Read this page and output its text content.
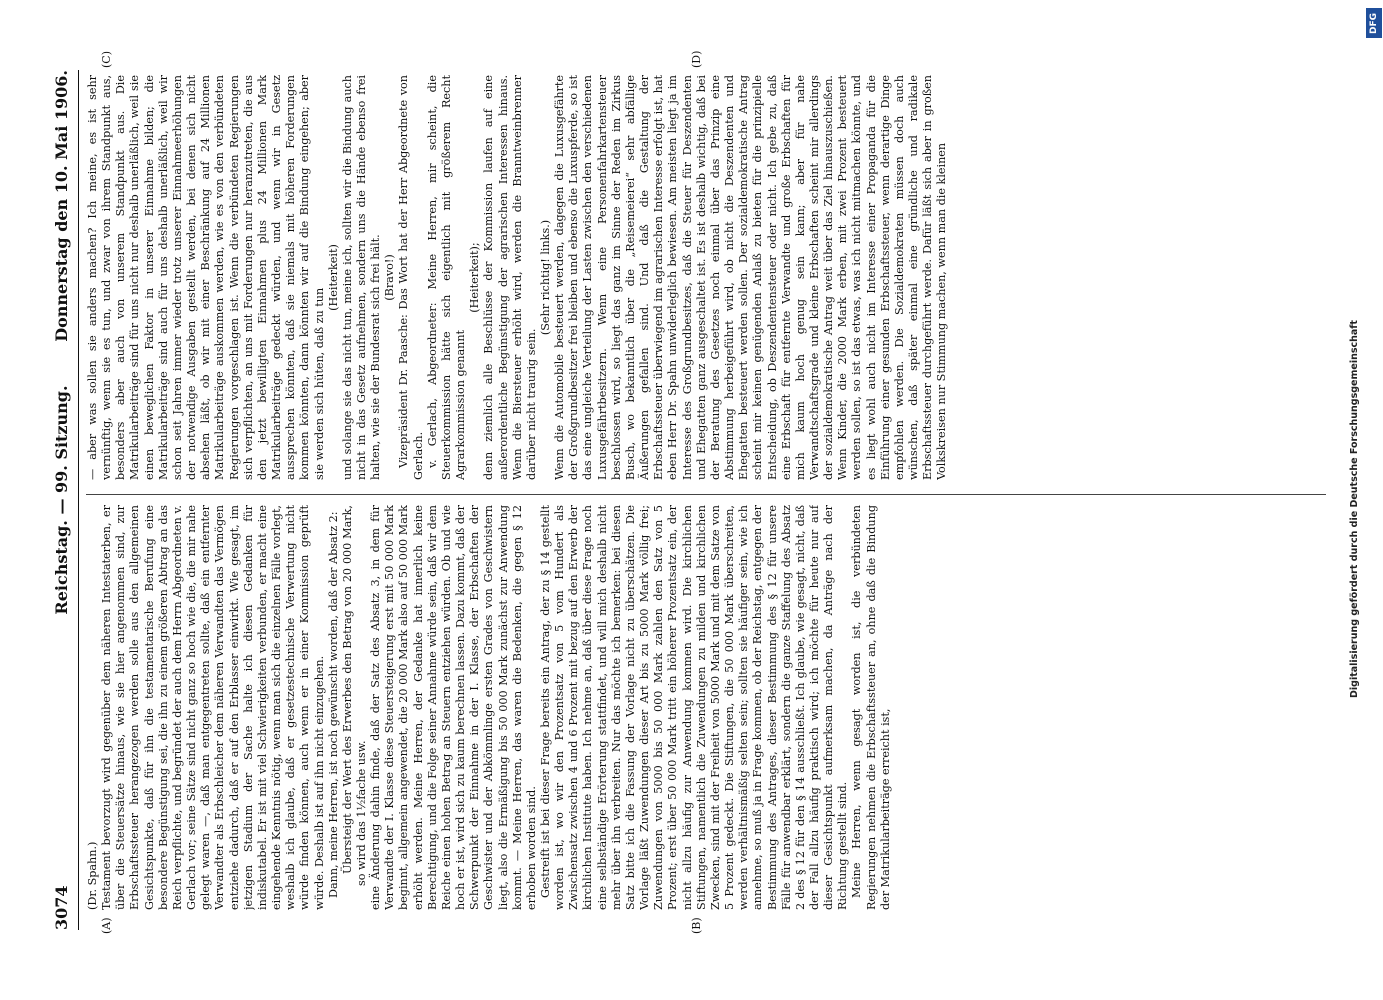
3074
Reichstag. — 99. Sitzung.
Donnerstag den 10. Mai 1906.
(A)	(B)
(C)	(D)

(Dr. Spahn.) Testament bevorzugt wird gegenüber dem näheren Intestaterben, er über die Steuersätze hinaus, wie sie hier angenommen sind, zur Erbschaftssteuer herangezogen werden solle aus den allgemeinen Gesichtspunkte, daß für ihn die testamentarische Berufung eine besondere Begünstigung sei, die ihn zu einem größeren Abtrag an das Reich verpflichte, und begründet der auch dem Herrn Abgeordneten v. Gerlach vor; seine Sätze sind nicht ganz so hoch wie die, die mir nahe gelegt waren —, daß man entgegentreten sollte, daß ein entfernter Verwandter als Erbschleicher dem näheren Verwandten das Vermögen entziehe dadurch, daß er auf den Erblasser einwirkt. Wie gesagt, im jetzigen Stadium der Sache halte ich diesen Gedanken für indiskutabel. Er ist mit viel Schwierigkeiten verbunden, er macht eine eingehende Kenntnis nötig, wenn man sich die einzelnen Fälle vorlegt, weshalb ich glaube, daß er gesetzestechnische Verwertung nicht würde finden können, auch wenn er in einer Kommission geprüft würde. Deshalb ist auf ihn nicht einzugehen. Dann, meine Herren, ist noch gewünscht worden, daß der Absatz 2: Übersteigt der Wert des Erwerbes den Betrag von 20 000 Mark, so wird das 1½fache usw. eine Änderung dahin finde, daß der Satz des Absatz 3, in dem für Verwandte der I. Klasse diese Steuersteigerung erst mit 50 000 Mark beginnt, allgemein angewendet, die 20 000 Mark also auf 50 000 Mark erhöht werden. Meine Herren, der Gedanke hat innerlich keine Berechtigung, und die Folge seiner Annahme würde sein, daß wir dem Reiche einen hohen Betrag an Steuern entziehen würden. Ob und wie hoch er ist, wird sich zu kaum berechnen lassen. Dazu kommt, daß der Schwerpunkt der Einnahme in der I. Klasse, der Erbschaften der Geschwister und der Abkömmlinge ersten Grades von Geschwistern liegt, also die Ermäßigung bis 50 000 Mark zunächst zur Anwendung kommt. — Meine Herren, das waren die Bedenken, die gegen § 12 erhoben worden sind. Gestreift ist bei dieser Frage bereits ein Antrag, der zu § 14 gestellt worden ist, wo wir den Prozentsatz von 5 vom Hundert als Zwischensatz zwischen 4 und 6 Prozent mit bezug auf den Erwerb der kirchlichen Institute haben. Ich nehme an, daß über diese Frage noch eine selbständige Erörterung stattfindet, und will mich deshalb nicht mehr über ihn verbreiten. Nur das möchte ich bemerken: bei diesen Satz bitte ich die Fassung der Vorlage nicht zu überschätzen. Die Vorlage läßt Zuwendungen dieser Art bis zu 5000 Mark völlig frei; Zuwendungen von 5000 bis 50 000 Mark zahlen den Satz von 5 Prozent; erst über 50 000 Mark tritt ein höherer Prozentsatz ein, der nicht allzu häufig zur Anwendung kommen wird. Die kirchlichen Stiftungen, namentlich die Zuwendungen zu milden und kirchlichen Zwecken, sind mit der Freiheit von 5000 Mark und mit dem Satze von 5 Prozent gedeckt. Die Stiftungen, die 50 000 Mark überschreiten, werden verhältnismäßig selten sein; sollten sie häufiger sein, wie ich annehme, so muß ja in Frage kommen, ob der Reichstag, entgegen der Bestimmung des Antrages, dieser Bestimmung des § 12 für unsere Fälle für anwendbar erklärt, sondern die ganze Staffelung des Absatz 2 des § 12 für den § 14 ausschließt. Ich glaube, wie gesagt, nicht, daß der Fall allzu häufig praktisch wird; ich möchte für heute nur auf dieser Gesichtspunkt aufmerksam machen, da Anträge nach der Richtung gestellt sind. Meine Herren, wenn gesagt worden ist, die verbündeten Regierungen nehmen die Erbschaftssteuer an, ohne daß die Bindung der Matrikularbeiträge erreicht ist,

— aber was sollen sie anders machen? Ich meine, es ist sehr vernünftig, wenn sie es tun, und zwar von ihrem Standpunkt aus, besonders aber auch von unserem Standpunkt aus. Die Matrikularbeiträge sind für uns nicht nur deshalb unerläßlich, weil sie einen beweglichen Faktor in unserer Einnahme bilden; die Matrikularbeiträge sind auch für uns deshalb unerläßlich, weil wir schon seit Jahren immer wieder trotz unserer Einnahmeerhöhungen der notwendige Ausgaben gestellt werden, bei denen sich nicht absehen läßt, ob wir mit einer Beschränkung auf 24 Millionen Matrikularbeiträge auskommen werden, wie es von den verbündeten Regierungen vorgeschlagen ist. Wenn die verbündeten Regierungen sich verpflichten, an uns mit Forderungen nur heranzutreten, die aus den jetzt bewilligten Einnahmen plus 24 Millionen Mark Matrikularbeiträge gedeckt würden, und wenn wir in Gesetz aussprechen könnten, daß sie niemals mit höheren Forderungen kommen könnten, dann könnten wir auf die Bindung eingehen; aber sie werden sich hüten, daß zu tun

(Heiterkeit) und solange sie das nicht tun, meine ich, sollten wir die Bindung auch nicht in das Gesetz aufnehmen, sondern uns die Hände ebenso frei halten, wie sie der Bundesrat sich frei hält. (Bravo!) Vizepräsident Dr. Paasche: Das Wort hat der Herr Abgeordnete von Gerlach. v. Gerlach, Abgeordneter: Meine Herren, mir scheint, die Steuerkommission hätte sich eigentlich mit größerem Recht Agrarkommission genannt

(Heiterkeit); denn ziemlich alle Beschlüsse der Kommission laufen auf eine außerordentliche Begünstigung der agrarischen Interessen hinaus. Wenn die Biersteuer erhöht wird, werden die Branntweinbrenner darüber nicht traurig sein.

(Sehr richtig! links.) Wenn die Automobile besteuert werden, dagegen die Luxusgefährte der Großgrundbesitzer frei bleiben und ebenso die Luxuspferde, so ist das eine ungleiche Verteilung der Lasten zwischen den verschiedenen Luxusgefährtbesitzern. Wenn eine Personenfahrkartensteuer beschlossen wird, so liegt das ganz im Sinne der Reden im Zirkus Busch, wo bekanntlich über die „Reisemeierei“ sehr abfällige Äußerungen gefallen sind. Und daß die Gestaltung der Erbschaftssteuer überwiegend im agrarischen Interesse erfolgt ist, hat eben Herr Dr. Spahn unwiderleglich bewiesen. Am meisten liegt ja im Interesse des Großgrundbesitzes, daß die Steuer für Deszendenten und Ehegatten ganz ausgeschaltet ist. Es ist deshalb wichtig, daß bei der Beratung des Gesetzes noch einmal über das Prinzip eine Abstimmung herbeigeführt wird, ob nicht die Deszendenten und Ehegatten besteuert werden sollen. Der sozialdemokratische Antrag scheint mir keinen genügenden Anlaß zu bieten für die prinzipielle Entscheidung, ob Deszendentensteuer oder nicht. Ich gebe zu, daß eine Erbschaft für entfernte Verwandte und große Erbschaften für mich kaum hoch genug sein kann; aber für nahe Verwandtschaftsgrade und kleine Erbschaften scheint mir allerdings der sozialdemokratische Antrag weit über das Ziel hinauszuschießen. Wenn Kinder, die 2000 Mark erben, mit zwei Prozent besteuert werden sollen, so ist das etwas, was ich nicht mitmachen könnte, und es liegt wohl auch nicht im Interesse einer Propaganda für die Einführung einer gesunden Erbschaftssteuer, wenn derartige Dinge empfohlen werden. Die Sozialdemokraten müssen doch auch wünschen, daß später einmal eine gründliche und radikale Erbschaftssteuer durchgeführt werde. Dafür läßt sich aber in großen Volkskreisen nur Stimmung machen, wenn man die kleinen

Digitalisierung gefördert durch die Deutsche Forschungsgemeinschaft
DFG
